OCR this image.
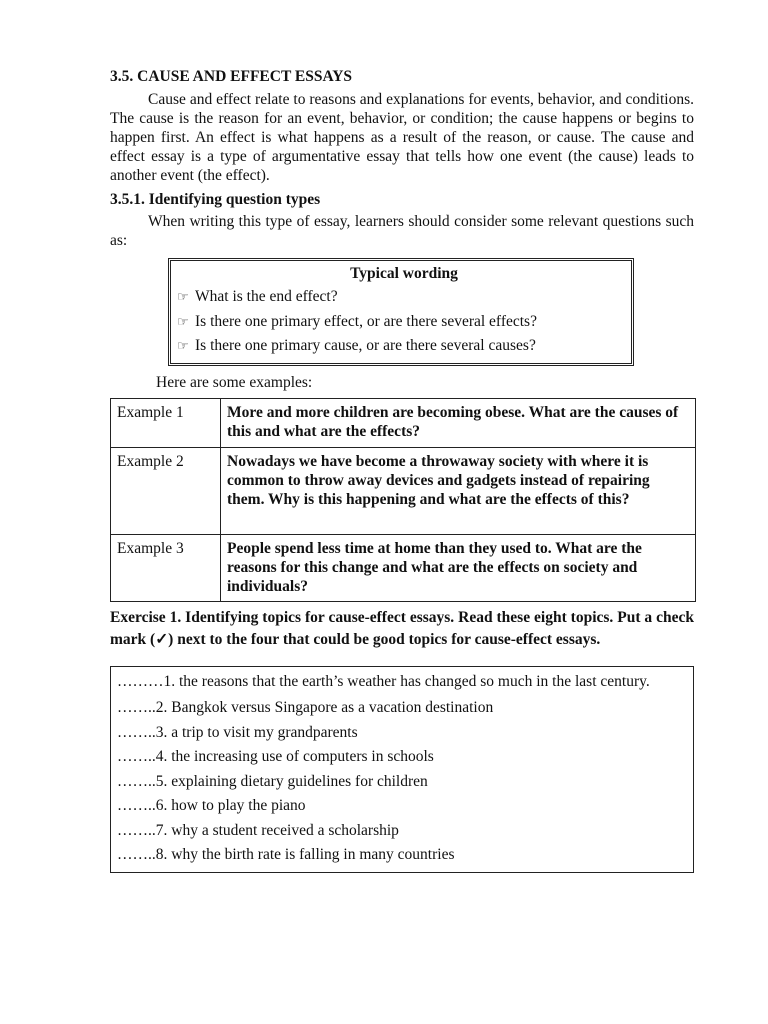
3.5. CAUSE AND EFFECT ESSAYS

Cause and effect relate to reasons and explanations for events, behavior, and conditions. The cause is the reason for an event, behavior, or condition; the cause happens or begins to happen first. An effect is what happens as a result of the reason, or cause. The cause and effect essay is a type of argumentative essay that tells how one event (the cause) leads to another event (the effect).

3.5.1. Identifying question types

When writing this type of essay, learners should consider some relevant questions such as:

Typical wording

☞ What is the end effect?
☞ Is there one primary effect, or are there several effects?
☞ Is there one primary cause, or are there several causes?

Here are some examples:

Example 1	More and more children are becoming obese. What are the causes of this and what are the effects?
Example 2	Nowadays we have become a throwaway society with where it is common to throw away devices and gadgets instead of repairing them. Why is this happening and what are the effects of this?
Example 3	People spend less time at home than they used to. What are the reasons for this change and what are the effects on society and individuals?

Exercise 1. Identifying topics for cause-effect essays. Read these eight topics. Put a check mark (✓) next to the four that could be good topics for cause-effect essays.

………1. the reasons that the earth’s weather has changed so much in the last century.
……..2. Bangkok versus Singapore as a vacation destination
……..3. a trip to visit my grandparents
……..4. the increasing use of computers in schools
……..5. explaining dietary guidelines for children
……..6. how to play the piano
……..7. why a student received a scholarship
……..8. why the birth rate is falling in many countries
